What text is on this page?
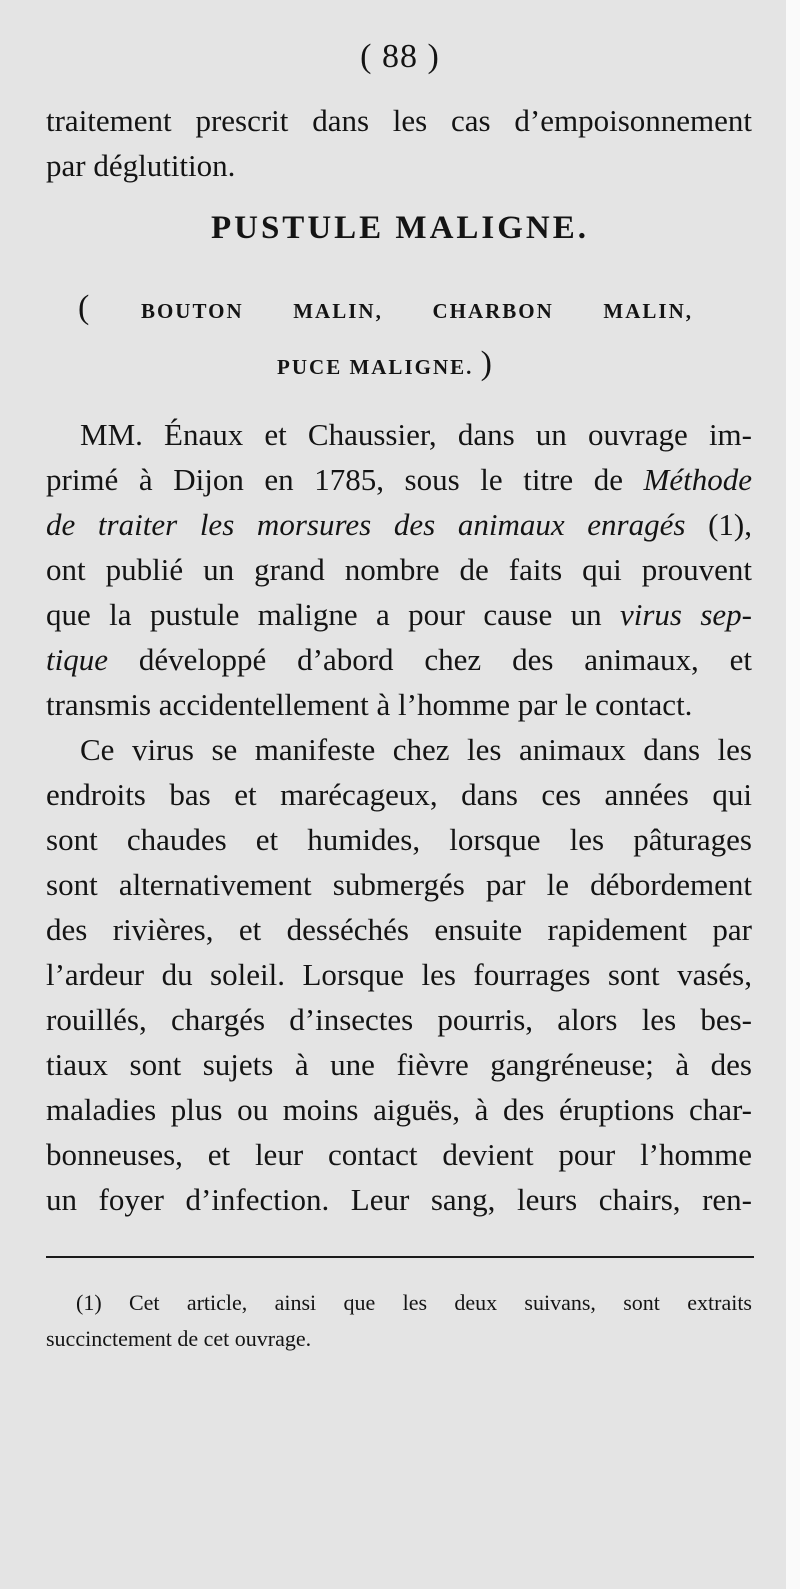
( 88 )
traitement prescrit dans les cas d’empoisonnement
par déglutition.
PUSTULE MALIGNE.
( BOUTON MALIN, CHARBON MALIN,
PUCE MALIGNE. )
MM. Énaux et Chaussier, dans un ouvrage im-
primé à Dijon en 1785, sous le titre de Méthode
de traiter les morsures des animaux enragés (1),
ont publié un grand nombre de faits qui prouvent
que la pustule maligne a pour cause un virus sep-
tique développé d’abord chez des animaux, et
transmis accidentellement à l’homme par le contact.
Ce virus se manifeste chez les animaux dans les
endroits bas et marécageux, dans ces années qui
sont chaudes et humides, lorsque les pâturages
sont alternativement submergés par le débordement
des rivières, et desséchés ensuite rapidement par
l’ardeur du soleil. Lorsque les fourrages sont vasés,
rouillés, chargés d’insectes pourris, alors les bes-
tiaux sont sujets à une fièvre gangréneuse; à des
maladies plus ou moins aiguës, à des éruptions char-
bonneuses, et leur contact devient pour l’homme
un foyer d’infection. Leur sang, leurs chairs, ren-
(1) Cet article, ainsi que les deux suivans, sont extraits
succinctement de cet ouvrage.
